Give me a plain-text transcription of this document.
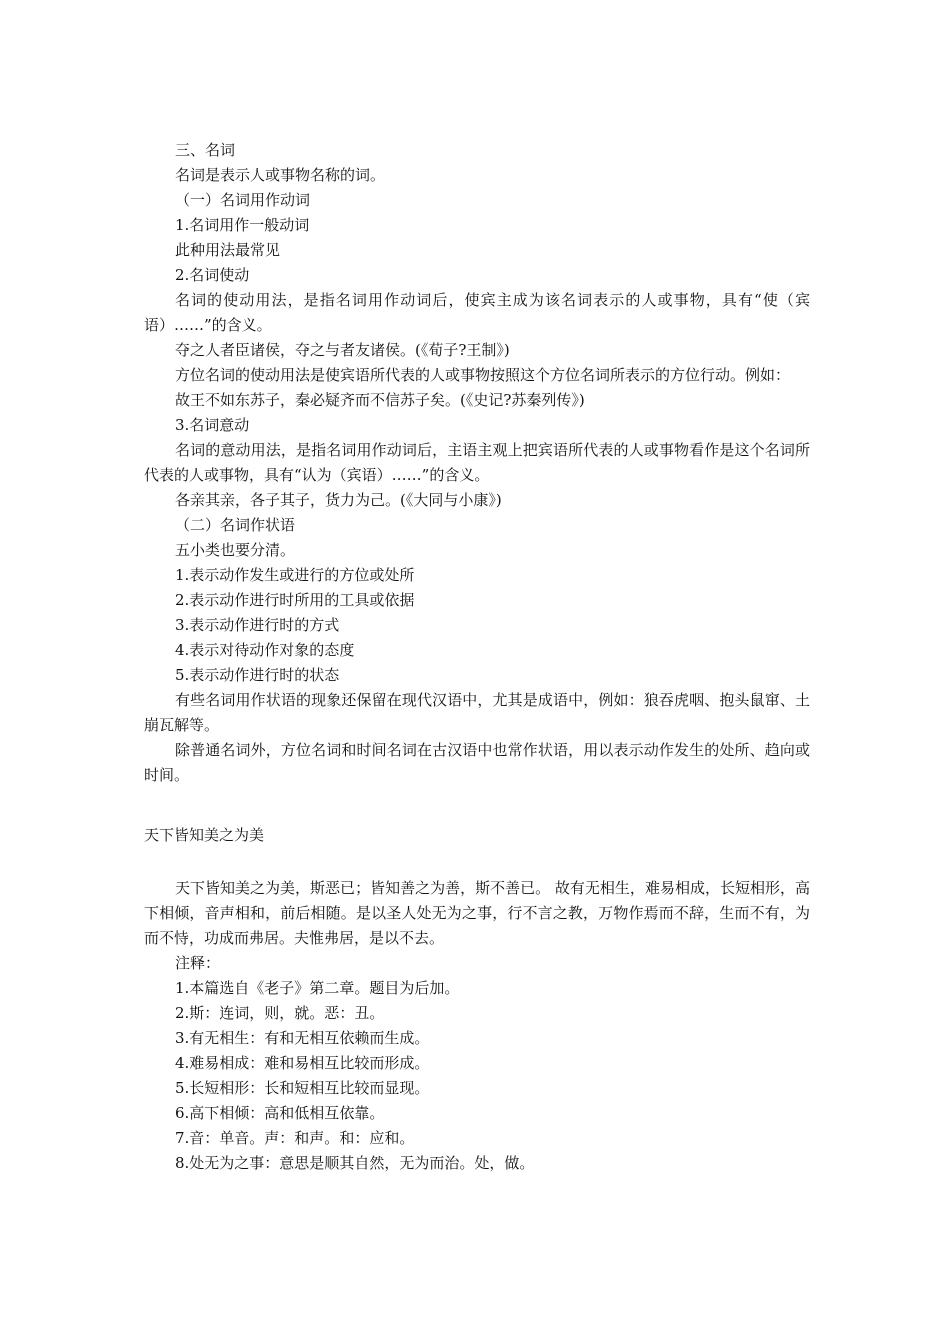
三、名词

名词是表示人或事物名称的词。

（一）名词用作动词

1.名词用作一般动词

此种用法最常见

2.名词使动

名词的使动用法，是指名词用作动词后，使宾主成为该名词表示的人或事物，具有“使（宾语）……”的含义。

夺之人者臣诸侯，夺之与者友诸侯。(《荀子?王制》)

方位名词的使动用法是使宾语所代表的人或事物按照这个方位名词所表示的方位行动。例如：

故王不如东苏子，秦必疑齐而不信苏子矣。(《史记?苏秦列传》)

3.名词意动

名词的意动用法，是指名词用作动词后，主语主观上把宾语所代表的人或事物看作是这个名词所代表的人或事物，具有“认为（宾语）……”的含义。

各亲其亲，各子其子，货力为己。(《大同与小康》)

（二）名词作状语

五小类也要分清。

1.表示动作发生或进行的方位或处所

2.表示动作进行时所用的工具或依据

3.表示动作进行时的方式

4.表示对待动作对象的态度

5.表示动作进行时的状态

有些名词用作状语的现象还保留在现代汉语中，尤其是成语中，例如：狼吞虎咽、抱头鼠窜、土崩瓦解等。

除普通名词外，方位名词和时间名词在古汉语中也常作状语，用以表示动作发生的处所、趋向或时间。

天下皆知美之为美

天下皆知美之为美，斯恶已；皆知善之为善，斯不善已。 故有无相生，难易相成，长短相形，高下相倾，音声相和，前后相随。是以圣人处无为之事，行不言之教，万物作焉而不辞，生而不有，为而不恃，功成而弗居。夫惟弗居，是以不去。

注释：

1.本篇选自《老子》第二章。题目为后加。

2.斯：连词，则，就。恶：丑。

3.有无相生：有和无相互依赖而生成。

4.难易相成：难和易相互比较而形成。

5.长短相形：长和短相互比较而显现。

6.高下相倾：高和低相互依靠。

7.音：单音。声：和声。和：应和。

8.处无为之事：意思是顺其自然，无为而治。处，做。
